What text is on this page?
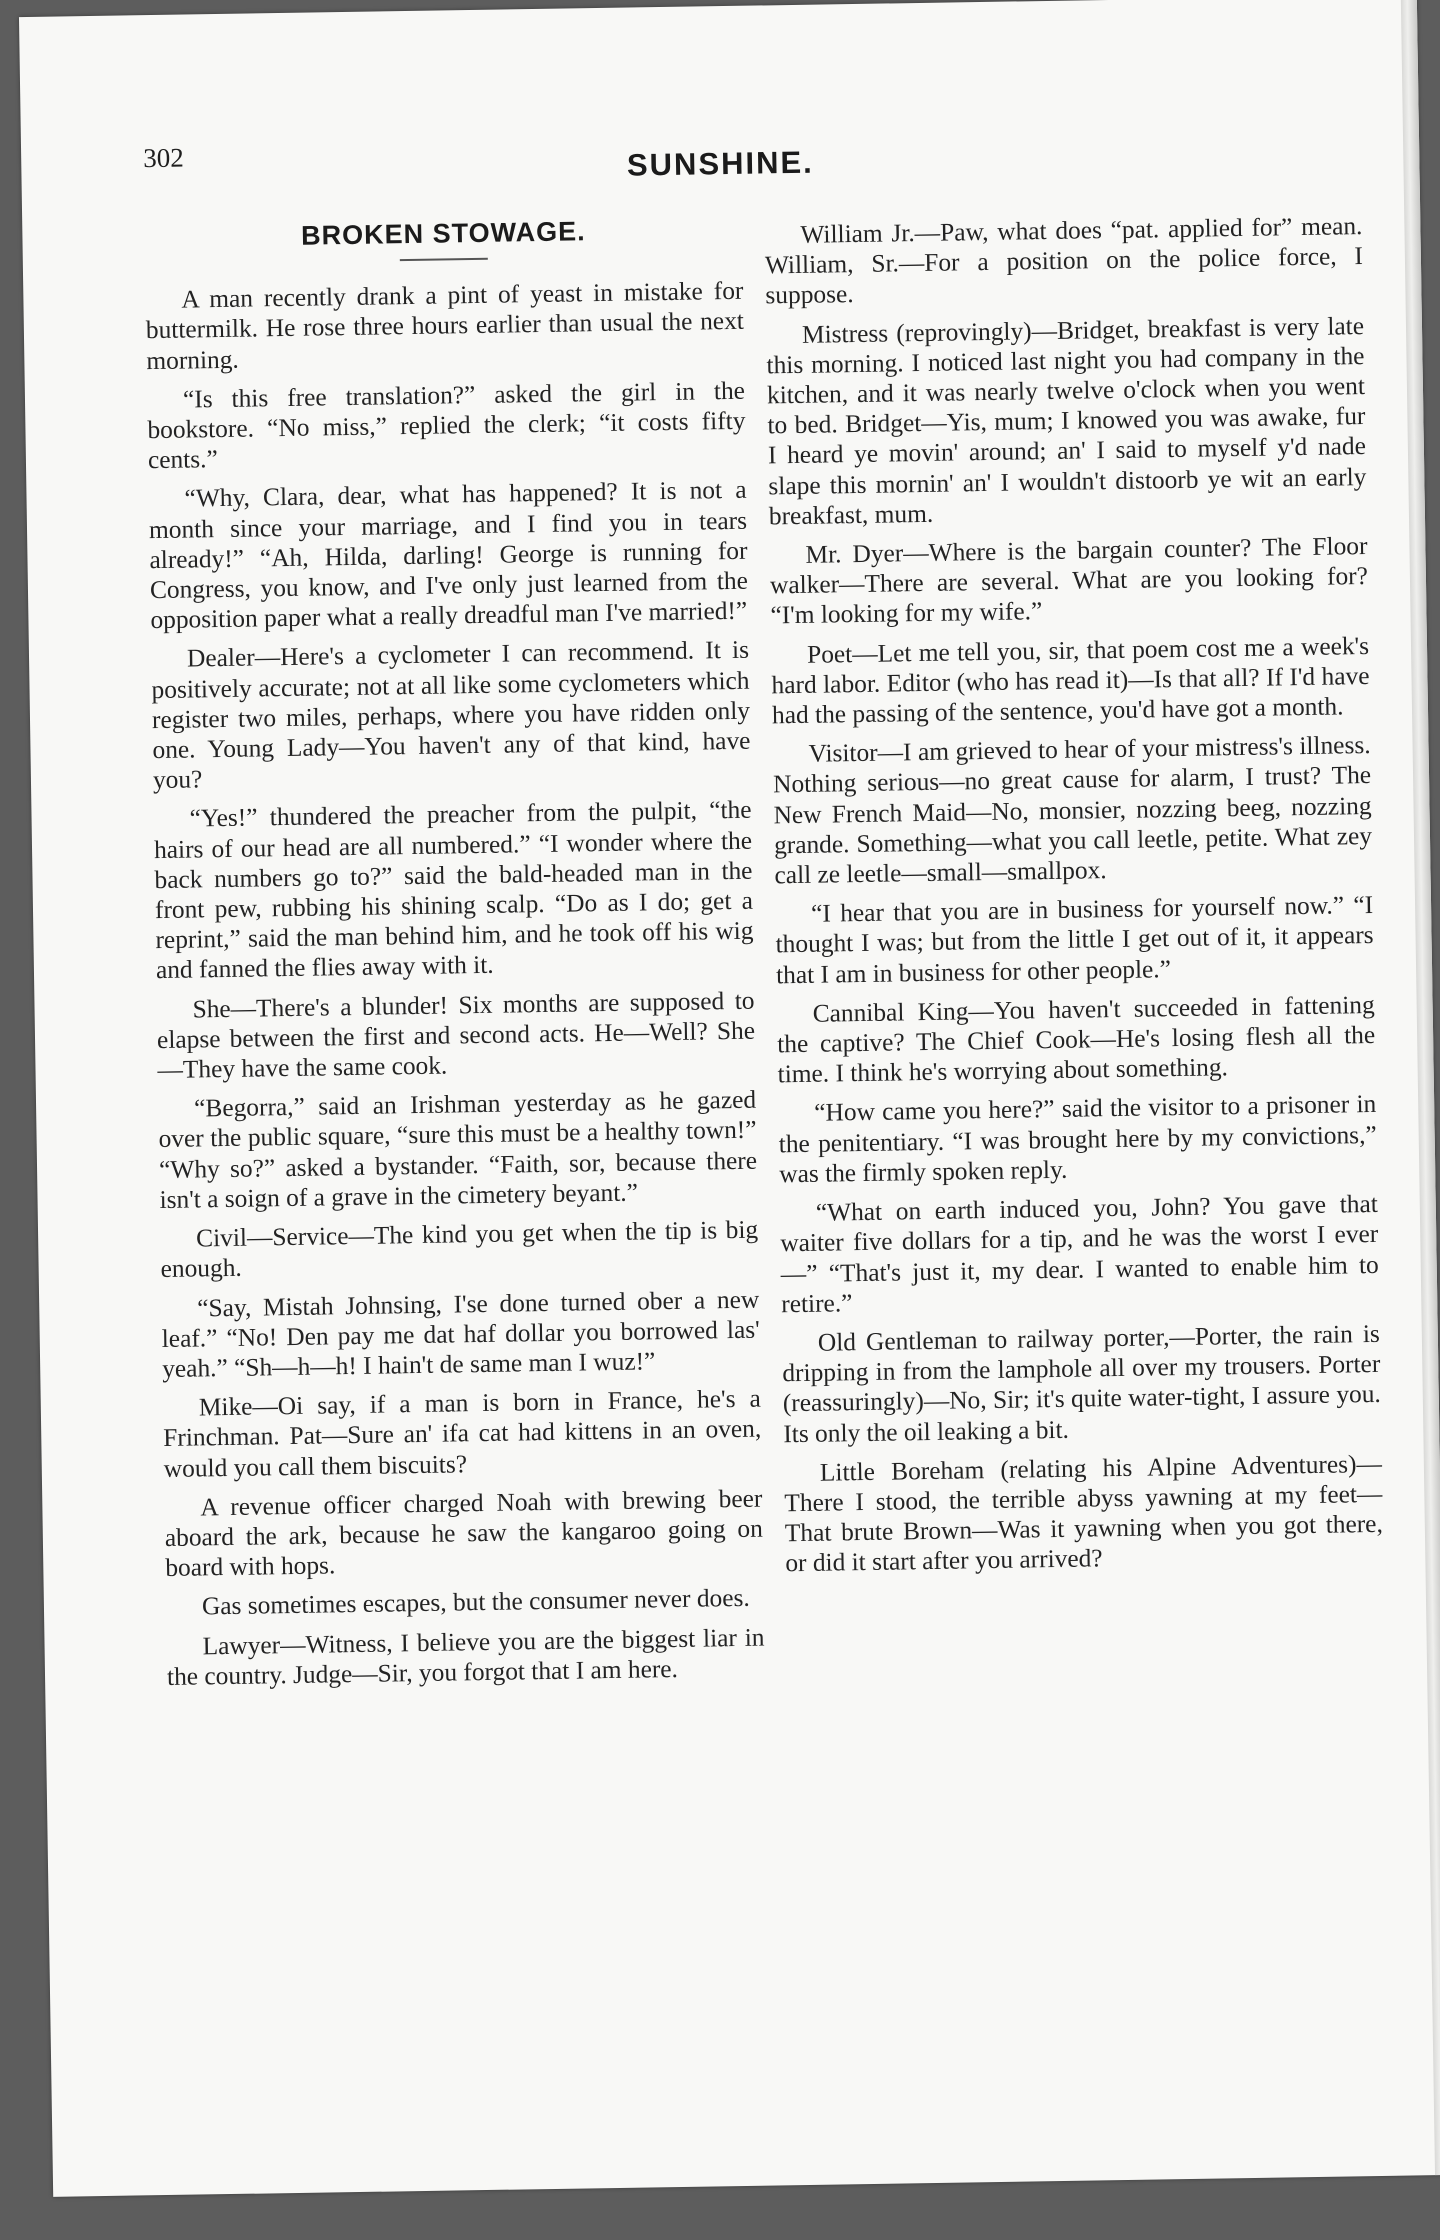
302	SUNSHINE.
BROKEN STOWAGE.

A man recently drank a pint of yeast in mistake for buttermilk. He rose three hours earlier than usual the next morning.

“Is this free translation?” asked the girl in the bookstore. “No miss,” replied the clerk; “it costs fifty cents.”

“Why, Clara, dear, what has happened? It is not a month since your marriage, and I find you in tears already!” “Ah, Hilda, darling! George is running for Congress, you know, and I've only just learned from the opposition paper what a really dreadful man I've married!”

Dealer—Here's a cyclometer I can recommend. It is positively accurate; not at all like some cyclometers which register two miles, perhaps, where you have ridden only one. Young Lady—You haven't any of that kind, have you?

“Yes!” thundered the preacher from the pulpit, “the hairs of our head are all numbered.” “I wonder where the back numbers go to?” said the bald-headed man in the front pew, rubbing his shining scalp. “Do as I do; get a reprint,” said the man behind him, and he took off his wig and fanned the flies away with it.

She—There's a blunder! Six months are supposed to elapse between the first and second acts. He—Well? She—They have the same cook.

“Begorra,” said an Irishman yesterday as he gazed over the public square, “sure this must be a healthy town!” “Why so?” asked a bystander. “Faith, sor, because there isn't a soign of a grave in the cimetery beyant.”

Civil—Service—The kind you get when the tip is big enough.

“Say, Mistah Johnsing, I'se done turned ober a new leaf.” “No! Den pay me dat haf dollar you borrowed las' yeah.” “Sh—h—h! I hain't de same man I wuz!”

Mike—Oi say, if a man is born in France, he's a Frinchman. Pat—Sure an' ifa cat had kittens in an oven, would you call them biscuits?

A revenue officer charged Noah with brewing beer aboard the ark, because he saw the kangaroo going on board with hops.

Gas sometimes escapes, but the consumer never does.

Lawyer—Witness, I believe you are the biggest liar in the country. Judge—Sir, you forgot that I am here.

William Jr.—Paw, what does “pat. applied for” mean. William, Sr.—For a position on the police force, I suppose.

Mistress (reprovingly)—Bridget, breakfast is very late this morning. I noticed last night you had company in the kitchen, and it was nearly twelve o'clock when you went to bed. Bridget—Yis, mum; I knowed you was awake, fur I heard ye movin' around; an' I said to myself y'd nade slape this mornin' an' I wouldn't distoorb ye wit an early breakfast, mum.

Mr. Dyer—Where is the bargain counter? The Floor walker—There are several. What are you looking for? “I'm looking for my wife.”

Poet—Let me tell you, sir, that poem cost me a week's hard labor. Editor (who has read it)—Is that all? If I'd have had the passing of the sentence, you'd have got a month.

Visitor—I am grieved to hear of your mistress's illness. Nothing serious—no great cause for alarm, I trust? The New French Maid—No, monsier, nozzing beeg, nozzing grande. Something—what you call leetle, petite. What zey call ze leetle—small—smallpox.

“I hear that you are in business for yourself now.” “I thought I was; but from the little I get out of it, it appears that I am in business for other people.”

Cannibal King—You haven't succeeded in fattening the captive? The Chief Cook—He's losing flesh all the time. I think he's worrying about something.

“How came you here?” said the visitor to a prisoner in the penitentiary. “I was brought here by my convictions,” was the firmly spoken reply.

“What on earth induced you, John? You gave that waiter five dollars for a tip, and he was the worst I ever—” “That's just it, my dear. I wanted to enable him to retire.”

Old Gentleman to railway porter,—Porter, the rain is dripping in from the lamphole all over my trousers. Porter (reassuringly)—No, Sir; it's quite water-tight, I assure you. Its only the oil leaking a bit.

Little Boreham (relating his Alpine Adventures)—There I stood, the terrible abyss yawning at my feet— That brute Brown—Was it yawning when you got there, or did it start after you arrived?
